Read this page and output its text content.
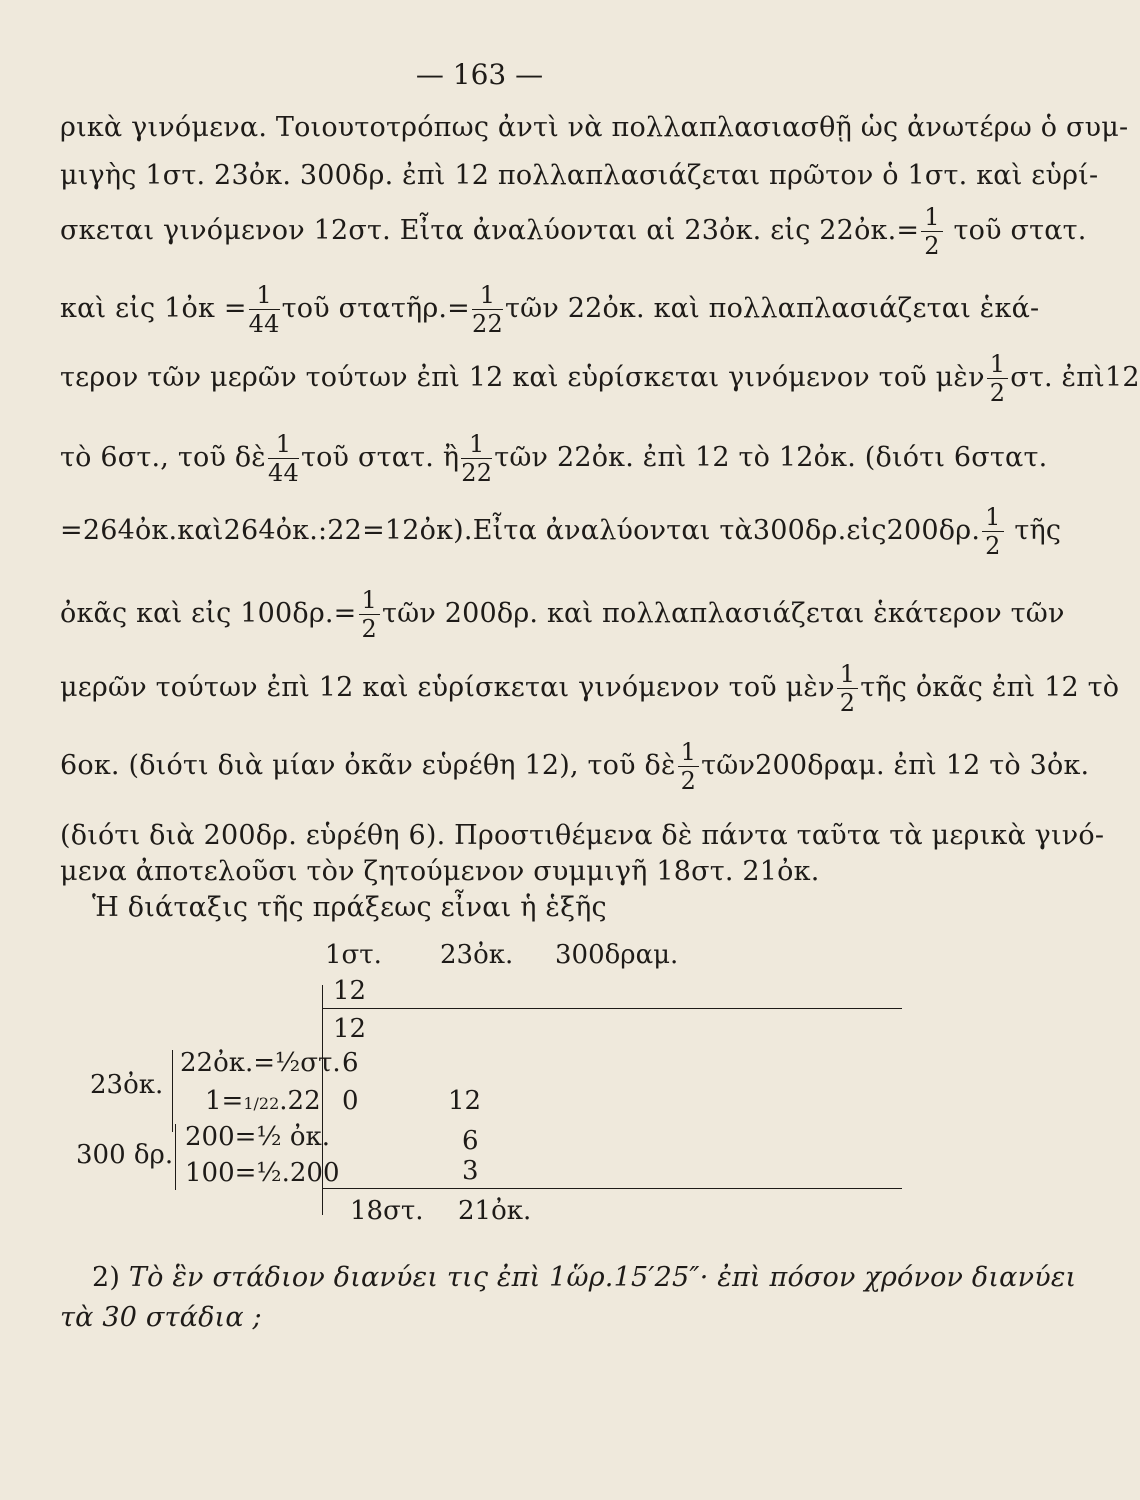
— 163 —
ρικὰ γινόμενα. Τοιουτοτρόπως ἀντὶ νὰ πολλαπλασιασθῇ ὡς ἀνωτέρω ὁ συμ-
μιγὴς 1στ. 23ὀκ. 300δρ. ἐπὶ 12 πολλαπλασιάζεται πρῶτον ὁ 1στ. καὶ εὑρί-
σκεται γινόμενον 12στ. Εἶτα ἀναλύονται αἱ 23ὀκ. εἰς 22ὀκ.= $\frac{1}{2}$ τοῦ στατ.
καὶ εἰς 1ὀκ = $\frac{1}{44}$ τοῦ στατῆρ.= $\frac{1}{22}$ τῶν 22ὀκ. καὶ πολλαπλασιάζεται ἑκά-
τερον τῶν μερῶν τούτων ἐπὶ 12 καὶ εὑρίσκεται γινόμενον τοῦ μὲν $\frac{1}{2} \sigma\tau$. ἐπὶ12
τὸ 6στ., τοῦ δὲ $\frac{1}{44}$ τοῦ στατ. ἢ $\frac{1}{22}$ τῶν 22ὀκ. ἐπὶ 12 τὸ 12ὀκ. (διότι 6στατ.
=264ὀκ.καὶ264ὀκ.:22=12ὀκ).Εἶτα ἀναλύονται τὰ300δρ.εἰς200δρ. $\frac{1}{2}$ τῆς
ὀκᾶς καὶ εἰς $100\delta\rho.= \frac{1}{2}$ τῶν 200δρ. καὶ πολλαπλασιάζεται ἑκάτερον τῶν
μερῶν τούτων ἐπὶ 12 καὶ εὑρίσκεται γινόμενον τοῦ μὲν $\frac{1}{2}$ τῆς ὀκᾶς ἐπὶ 12 τὸ
6οκ. (διότι διὰ μίαν ὀκᾶν εὑρέθη 12), τοῦ δὲ $\frac{1}{2}$ τῶν200δραμ. ἐπὶ 12 τὸ 3ὀκ.
(διότι διὰ 200δρ. εὑρέθη 6). Προστιθέμενα δὲ πάντα ταῦτα τὰ μερικὰ γινό-
μενα ἀποτελοῦσι τὸν ζητούμενον συμμιγῆ 18στ. 21ὀκ.
Ἡ διάταξις τῆς πράξεως εἶναι ἡ ἑξῆς
1στ. 23ὀκ. 300δραμ.
12
12
23ὀκ.
22ὀκ.=½στ.
1=1/22.22
6
0	12
300 δρ.
200=½ ὀκ.
100=½.200
6
3
18στ. 21ὀκ.
2) Τὸ ἓν στάδιον διανύει τις ἐπὶ 1ὥρ.15′25″· ἐπὶ πόσον χρόνον διανύει
τὰ 30 στάδια ;
